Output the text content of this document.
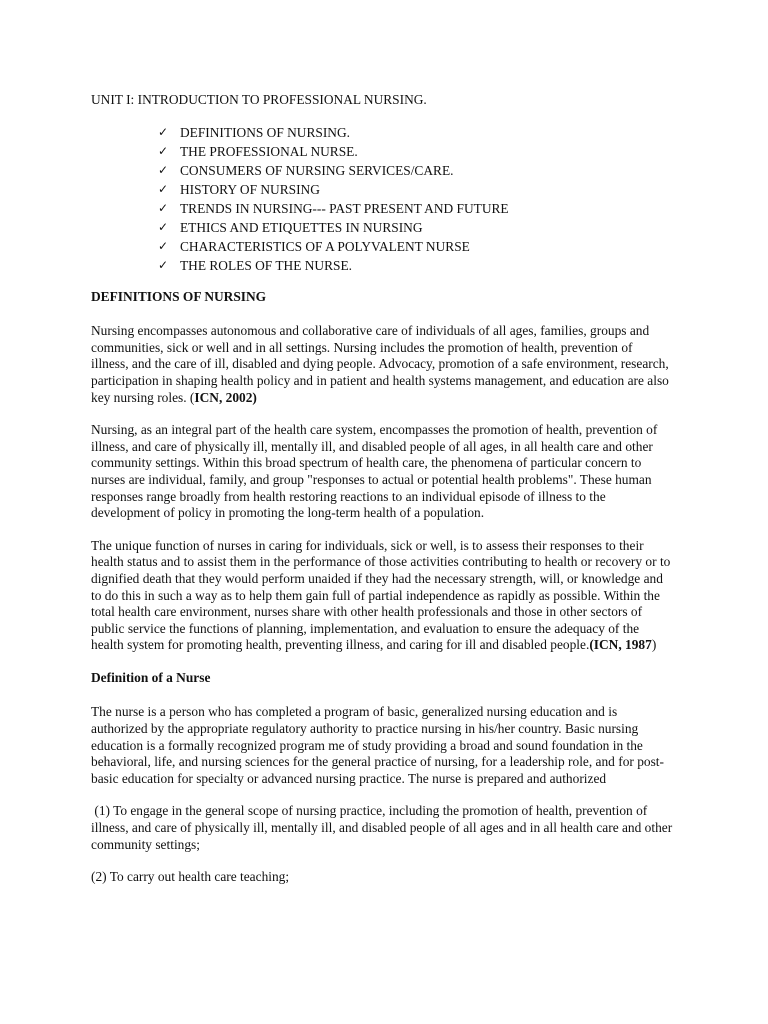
UNIT I: INTRODUCTION TO PROFESSIONAL NURSING.
✓ DEFINITIONS OF NURSING.
✓ THE PROFESSIONAL NURSE.
✓ CONSUMERS OF NURSING SERVICES/CARE.
✓ HISTORY OF NURSING
✓ TRENDS IN NURSING--- PAST PRESENT AND FUTURE
✓ ETHICS AND ETIQUETTES IN NURSING
✓ CHARACTERISTICS OF A POLYVALENT NURSE
✓ THE ROLES OF THE NURSE.
DEFINITIONS OF NURSING

Nursing encompasses autonomous and collaborative care of individuals of all ages, families, groups and communities, sick or well and in all settings. Nursing includes the promotion of health, prevention of illness, and the care of ill, disabled and dying people. Advocacy, promotion of a safe environment, research, participation in shaping health policy and in patient and health systems management, and education are also key nursing roles. (ICN, 2002)

Nursing, as an integral part of the health care system, encompasses the promotion of health, prevention of illness, and care of physically ill, mentally ill, and disabled people of all ages, in all health care and other community settings. Within this broad spectrum of health care, the phenomena of particular concern to nurses are individual, family, and group "responses to actual or potential health problems". These human responses range broadly from health restoring reactions to an individual episode of illness to the development of policy in promoting the long-term health of a population.

The unique function of nurses in caring for individuals, sick or well, is to assess their responses to their health status and to assist them in the performance of those activities contributing to health or recovery or to dignified death that they would perform unaided if they had the necessary strength, will, or knowledge and to do this in such a way as to help them gain full of partial independence as rapidly as possible. Within the total health care environment, nurses share with other health professionals and those in other sectors of public service the functions of planning, implementation, and evaluation to ensure the adequacy of the health system for promoting health, preventing illness, and caring for ill and disabled people.(ICN, 1987)

Definition of a Nurse

The nurse is a person who has completed a program of basic, generalized nursing education and is authorized by the appropriate regulatory authority to practice nursing in his/her country. Basic nursing education is a formally recognized program me of study providing a broad and sound foundation in the behavioral, life, and nursing sciences for the general practice of nursing, for a leadership role, and for post-basic education for specialty or advanced nursing practice. The nurse is prepared and authorized

(1) To engage in the general scope of nursing practice, including the promotion of health, prevention of illness, and care of physically ill, mentally ill, and disabled people of all ages and in all health care and other community settings;

(2) To carry out health care teaching;
